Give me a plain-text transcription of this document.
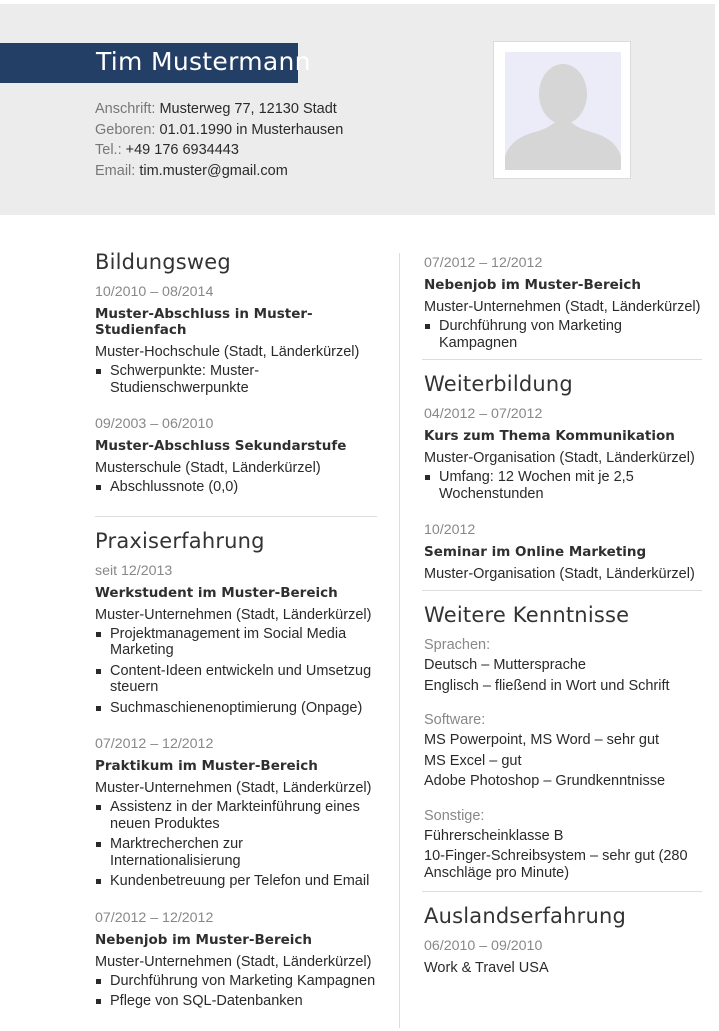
Tim Mustermann
Anschrift: Musterweg 77, 12130 Stadt
Geboren: 01.01.1990 in Musterhausen
Tel.: +49 176 6934443
Email: tim.muster@gmail.com
Bildungsweg
10/2010 – 08/2014
Muster-Abschluss in Muster-Studienfach
Muster-Hochschule (Stadt, Länderkürzel)
Schwerpunkte: Muster-Studienschwerpunkte
09/2003 – 06/2010
Muster-Abschluss Sekundarstufe
Musterschule (Stadt, Länderkürzel)
Abschlussnote (0,0)
Praxiserfahrung
seit 12/2013
Werkstudent im Muster-Bereich
Muster-Unternehmen (Stadt, Länderkürzel)
Projektmanagement im Social Media Marketing
Content-Ideen entwickeln und Umsetzug steuern
Suchmaschienenoptimierung (Onpage)
07/2012 – 12/2012
Praktikum im Muster-Bereich
Muster-Unternehmen (Stadt, Länderkürzel)
Assistenz in der Markteinführung eines neuen Produktes
Marktrecherchen zur Internationalisierung
Kundenbetreuung per Telefon und Email
07/2012 – 12/2012
Nebenjob im Muster-Bereich
Muster-Unternehmen (Stadt, Länderkürzel)
Durchführung von Marketing Kampagnen
Pflege von SQL-Datenbanken
07/2012 – 12/2012
Nebenjob im Muster-Bereich
Muster-Unternehmen (Stadt, Länderkürzel)
Durchführung von Marketing Kampagnen
Weiterbildung
04/2012 – 07/2012
Kurs zum Thema Kommunikation
Muster-Organisation (Stadt, Länderkürzel)
Umfang: 12 Wochen mit je 2,5 Wochenstunden
10/2012
Seminar im Online Marketing
Muster-Organisation (Stadt, Länderkürzel)
Weitere Kenntnisse
Sprachen:
Deutsch – Muttersprache
Englisch – fließend in Wort und Schrift
Software:
MS Powerpoint, MS Word – sehr gut
MS Excel – gut
Adobe Photoshop – Grundkenntnisse
Sonstige:
Führerscheinklasse B
10-Finger-Schreibsystem – sehr gut (280 Anschläge pro Minute)
Auslandserfahrung
06/2010 – 09/2010
Work & Travel USA
